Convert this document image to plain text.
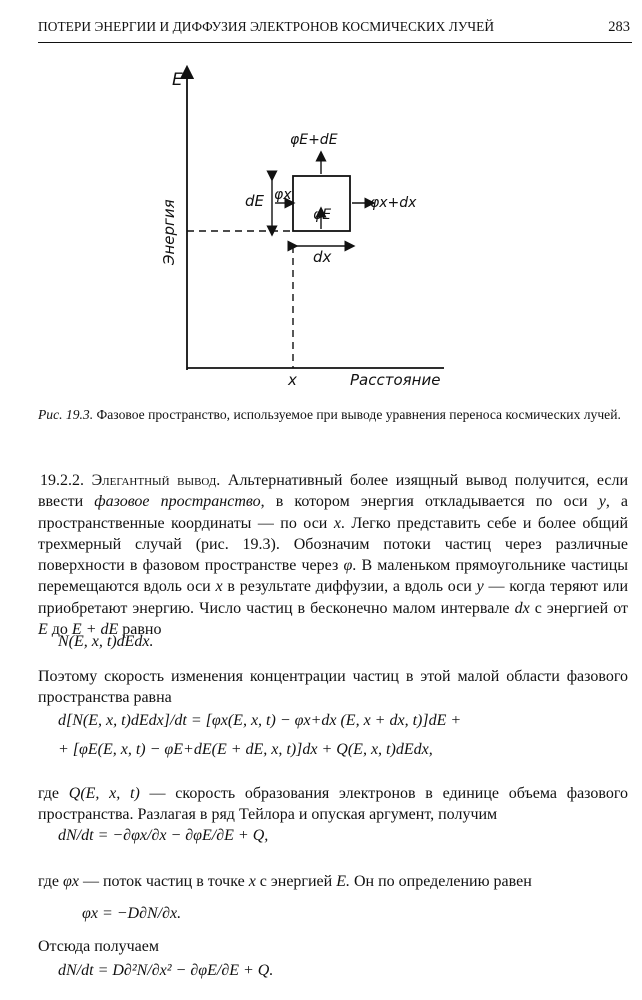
ПОТЕРИ ЭНЕРГИИ И ДИФФУЗИЯ ЭЛЕКТРОНОВ КОСМИЧЕСКИХ ЛУЧЕЙ	283
E
Энергия
φE+dE
dE φx	φx+dx
φE
dx
x	Расстояние
Рис. 19.3. Фазовое пространство, используемое при выводе уравнения переноса космических лучей.
19.2.2. Элегантный вывод. Альтернативный более изящный вывод получится, если ввести фазовое пространство, в котором энергия откладывается по оси y, а пространственные координаты — по оси x. Легко представить себе и более общий трехмерный случай (рис. 19.3). Обозначим потоки частиц через различные поверхности в фазовом пространстве через φ. В маленьком прямоугольнике частицы перемещаются вдоль оси x в результате диффузии, а вдоль оси y — когда теряют или приобретают энергию. Число частиц в бесконечно малом интервале dx с энергией от E до E + dE равно
N(E, x, t)dEdx.
Поэтому скорость изменения концентрации частиц в этой малой области фазового пространства равна
d[N(E, x, t)dEdx]/dt = [φx(E, x, t) − φx+dx (E, x + dx, t)]dE +
+ [φE(E, x, t) − φE+dE(E + dE, x, t)]dx + Q(E, x, t)dEdx,
где Q(E, x, t) — скорость образования электронов в единице объема фазового пространства. Разлагая в ряд Тейлора и опуская аргумент, получим
dN/dt = −∂φx/∂x − ∂φE/∂E + Q,
где φx — поток частиц в точке x с энергией E. Он по определению равен
φx = −D∂N/∂x.
Отсюда получаем
dN/dt = D∂²N/∂x² − ∂φE/∂E + Q.
